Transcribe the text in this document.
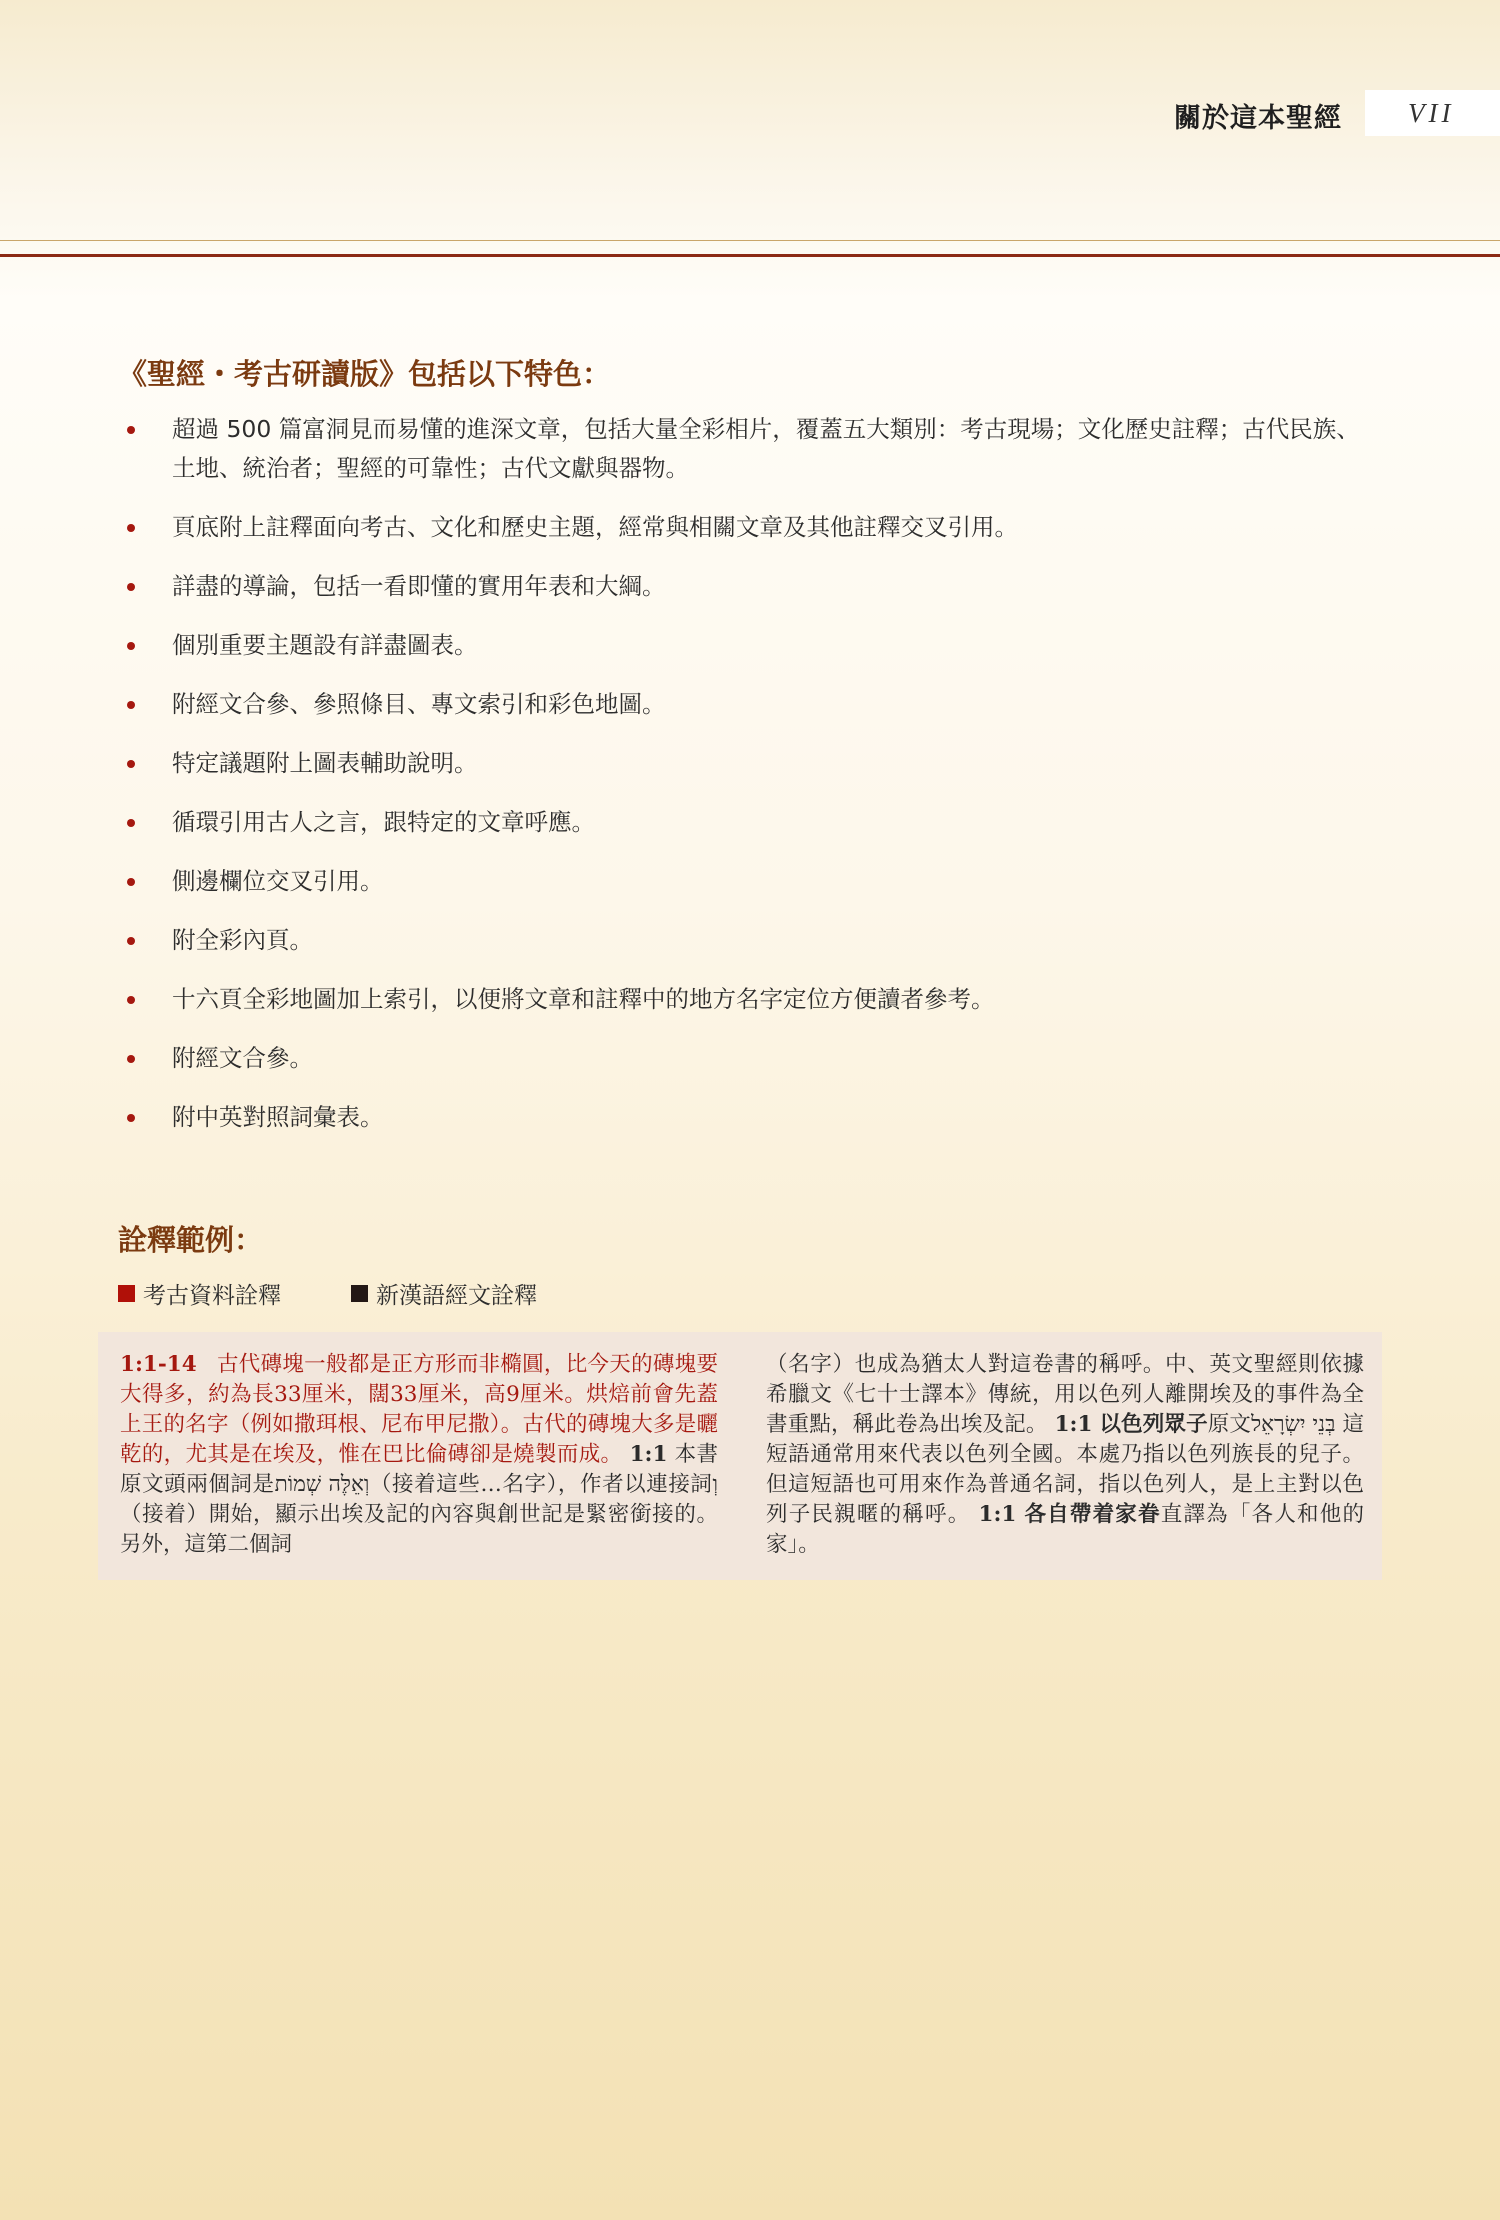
關於這本聖經 VII
《聖經・考古研讀版》包括以下特色：
超過 500 篇富洞見而易懂的進深文章，包括大量全彩相片，覆蓋五大類別：考古現場；文化歷史註釋；古代民族、土地、統治者；聖經的可靠性；古代文獻與器物。
頁底附上註釋面向考古、文化和歷史主題，經常與相關文章及其他註釋交叉引用。
詳盡的導論，包括一看即懂的實用年表和大綱。
個別重要主題設有詳盡圖表。
附經文合參、參照條目、專文索引和彩色地圖。
特定議題附上圖表輔助說明。
循環引用古人之言，跟特定的文章呼應。
側邊欄位交叉引用。
附全彩內頁。
十六頁全彩地圖加上索引，以便將文章和註釋中的地方名字定位方便讀者參考。
附經文合參。
附中英對照詞彙表。
詮釋範例：
考古資料詮釋	新漢語經文詮釋
1:1-14 古代磚塊一般都是正方形而非橢圓，比今天的磚塊要大得多，約為長33厘米，闊33厘米，高9厘米。烘焙前會先蓋上王的名字（例如撒珥根、尼布甲尼撒）。古代的磚塊大多是曬乾的，尤其是在埃及，惟在巴比倫磚卻是燒製而成。 1:1 本書原文頭兩個詞是וְאֵלֶּה שְׁמוֹת（接着這些…名字），作者以連接詞וְ（接着）開始，顯示出埃及記的內容與創世記是緊密銜接的。另外，這第二個詞
（名字）也成為猶太人對這卷書的稱呼。中、英文聖經則依據希臘文《七十士譯本》傳統，用以色列人離開埃及的事件為全書重點，稱此卷為出埃及記。 1:1 以色列眾子原文בְּנֵי יִשְׂרָאֵל 這短語通常用來代表以色列全國。本處乃指以色列族長的兒子。但這短語也可用來作為普通名詞，指以色列人，是上主對以色列子民親暱的稱呼。 1:1 各自帶着家眷直譯為「各人和他的家」。
